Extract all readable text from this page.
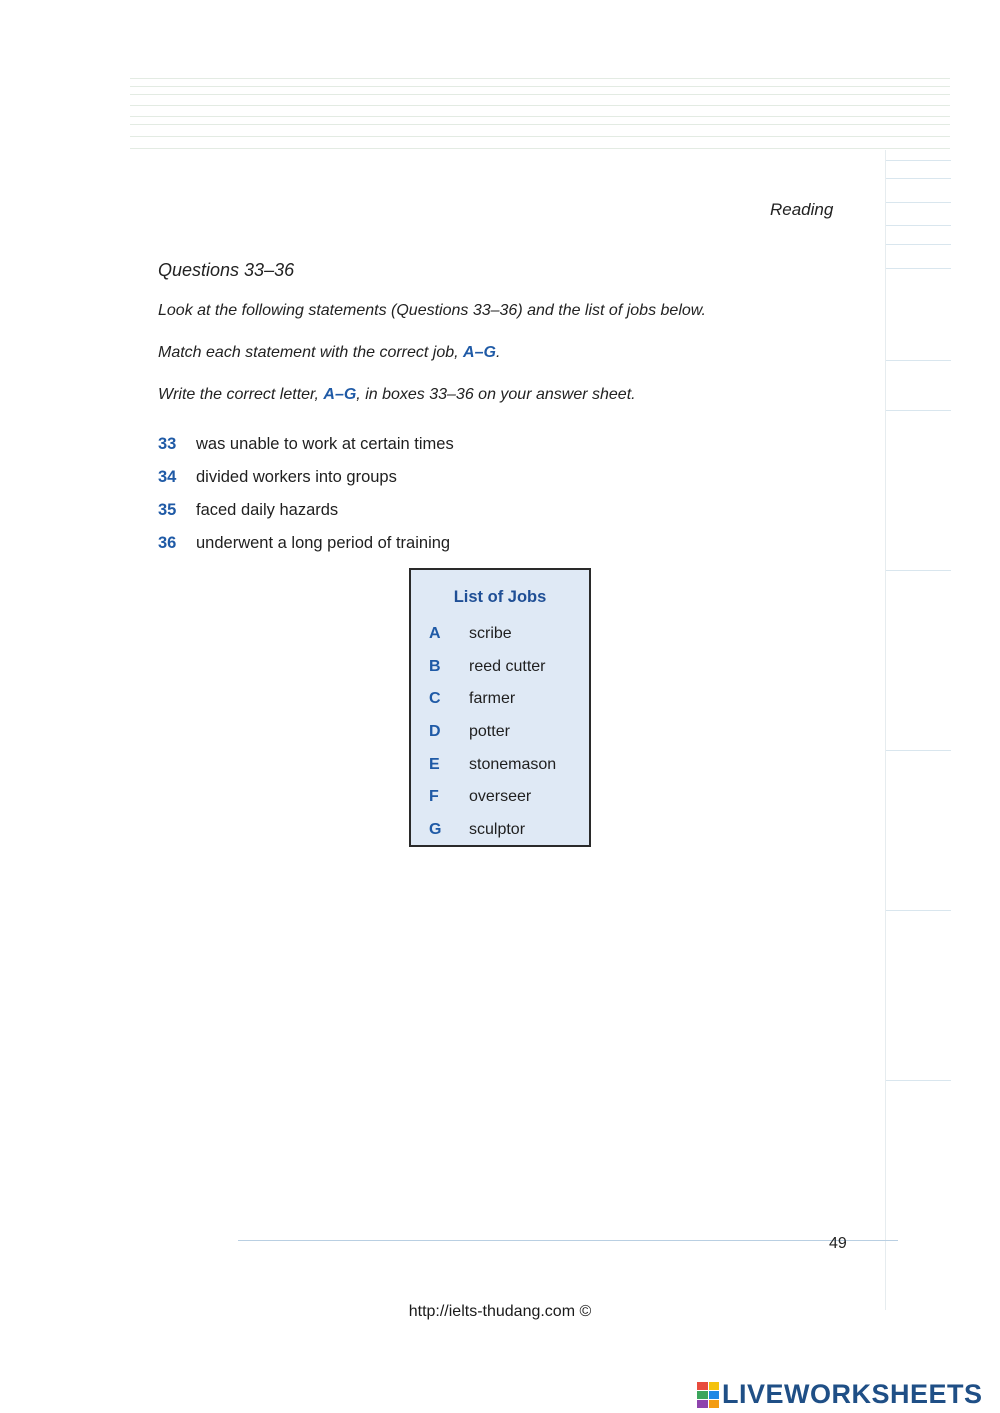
Reading
Questions 33–36
Look at the following statements (Questions 33–36) and the list of jobs below.
Match each statement with the correct job, A–G.
Write the correct letter, A–G, in boxes 33–36 on your answer sheet.
33	was unable to work at certain times
34	divided workers into groups
35	faced daily hazards
36	underwent a long period of training
List of Jobs
A	scribe
B	reed cutter
C	farmer
D	potter
E	stonemason
F	overseer
G	sculptor
49
http://ielts-thudang.com ©
LIVEWORKSHEETS
